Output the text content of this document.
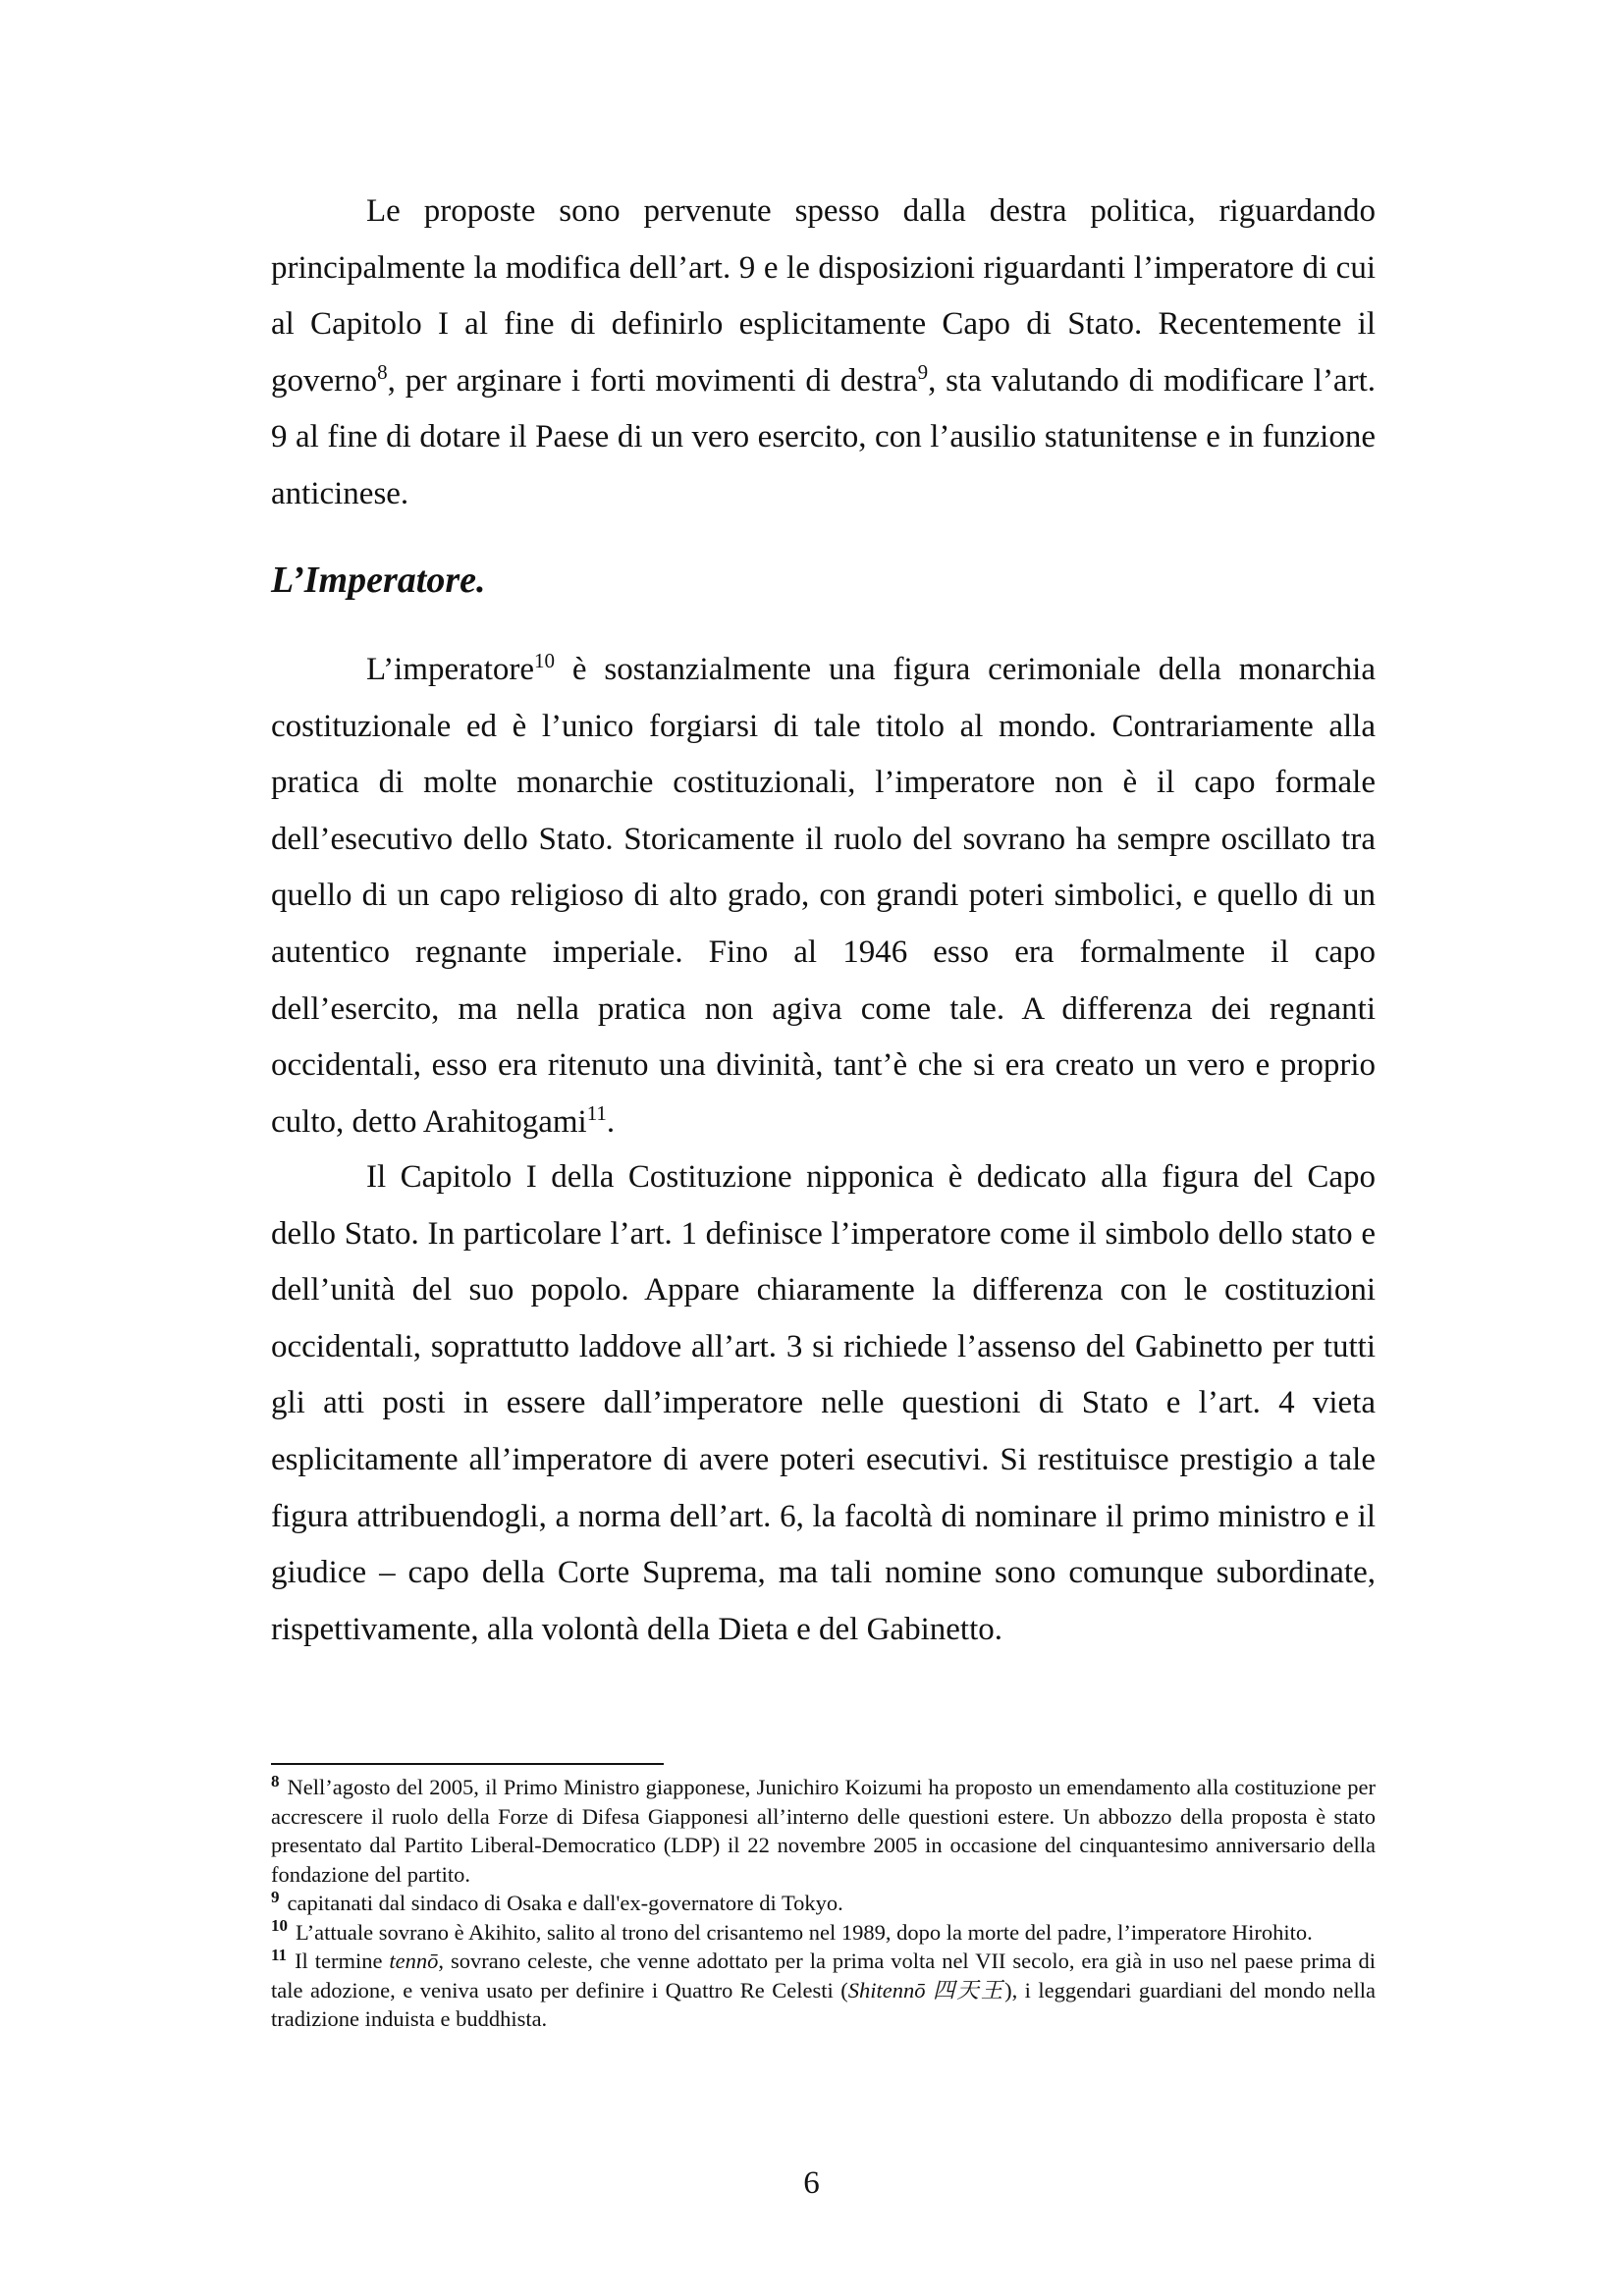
Le proposte sono pervenute spesso dalla destra politica, riguardando principalmente la modifica dell’art. 9 e le disposizioni riguardanti l’imperatore di cui al Capitolo I al fine di definirlo esplicitamente Capo di Stato. Recentemente il governo$^8$, per arginare i forti movimenti di destra$^9$, sta valutando di modificare l’art. 9 al fine di dotare il Paese di un vero esercito, con l’ausilio statunitense e in funzione anticinese.

L’Imperatore.

L’imperatore$^{10}$ è sostanzialmente una figura cerimoniale della monarchia costituzionale ed è l’unico forgiarsi di tale titolo al mondo. Contrariamente alla pratica di molte monarchie costituzionali, l’imperatore non è il capo formale dell’esecutivo dello Stato. Storicamente il ruolo del sovrano ha sempre oscillato tra quello di un capo religioso di alto grado, con grandi poteri simbolici, e quello di un autentico regnante imperiale. Fino al 1946 esso era formalmente il capo dell’esercito, ma nella pratica non agiva come tale. A differenza dei regnanti occidentali, esso era ritenuto una divinità, tant’è che si era creato un vero e proprio culto, detto Arahitogami$^{11}$.

Il Capitolo I della Costituzione nipponica è dedicato alla figura del Capo dello Stato. In particolare l’art. 1 definisce l’imperatore come il simbolo dello stato e dell’unità del suo popolo. Appare chiaramente la differenza con le costituzioni occidentali, soprattutto laddove all’art. 3 si richiede l’assenso del Gabinetto per tutti gli atti posti in essere dall’imperatore nelle questioni di Stato e l’art. 4 vieta esplicitamente all’imperatore di avere poteri esecutivi. Si restituisce prestigio a tale figura attribuendogli, a norma dell’art. 6, la facoltà di nominare il primo ministro e il giudice – capo della Corte Suprema, ma tali nomine sono comunque subordinate, rispettivamente, alla volontà della Dieta e del Gabinetto.

$^8$ Nell’agosto del 2005, il Primo Ministro giapponese, Junichiro Koizumi ha proposto un emendamento alla costituzione per accrescere il ruolo della Forze di Difesa Giapponesi all’interno delle questioni estere. Un abbozzo della proposta è stato presentato dal Partito Liberal-Democratico (LDP) il 22 novembre 2005 in occasione del cinquantesimo anniversario della fondazione del partito.

$^9$ capitanati dal sindaco di Osaka e dall'ex-governatore di Tokyo.

$^{10}$ L’attuale sovrano è Akihito, salito al trono del crisantemo nel 1989, dopo la morte del padre, l’imperatore Hirohito.

$^{11}$ Il termine tennō, sovrano celeste, che venne adottato per la prima volta nel VII secolo, era già in uso nel paese prima di tale adozione, e veniva usato per definire i Quattro Re Celesti (Shitennō 四天王), i leggendari guardiani del mondo nella tradizione induista e buddhista.

6
